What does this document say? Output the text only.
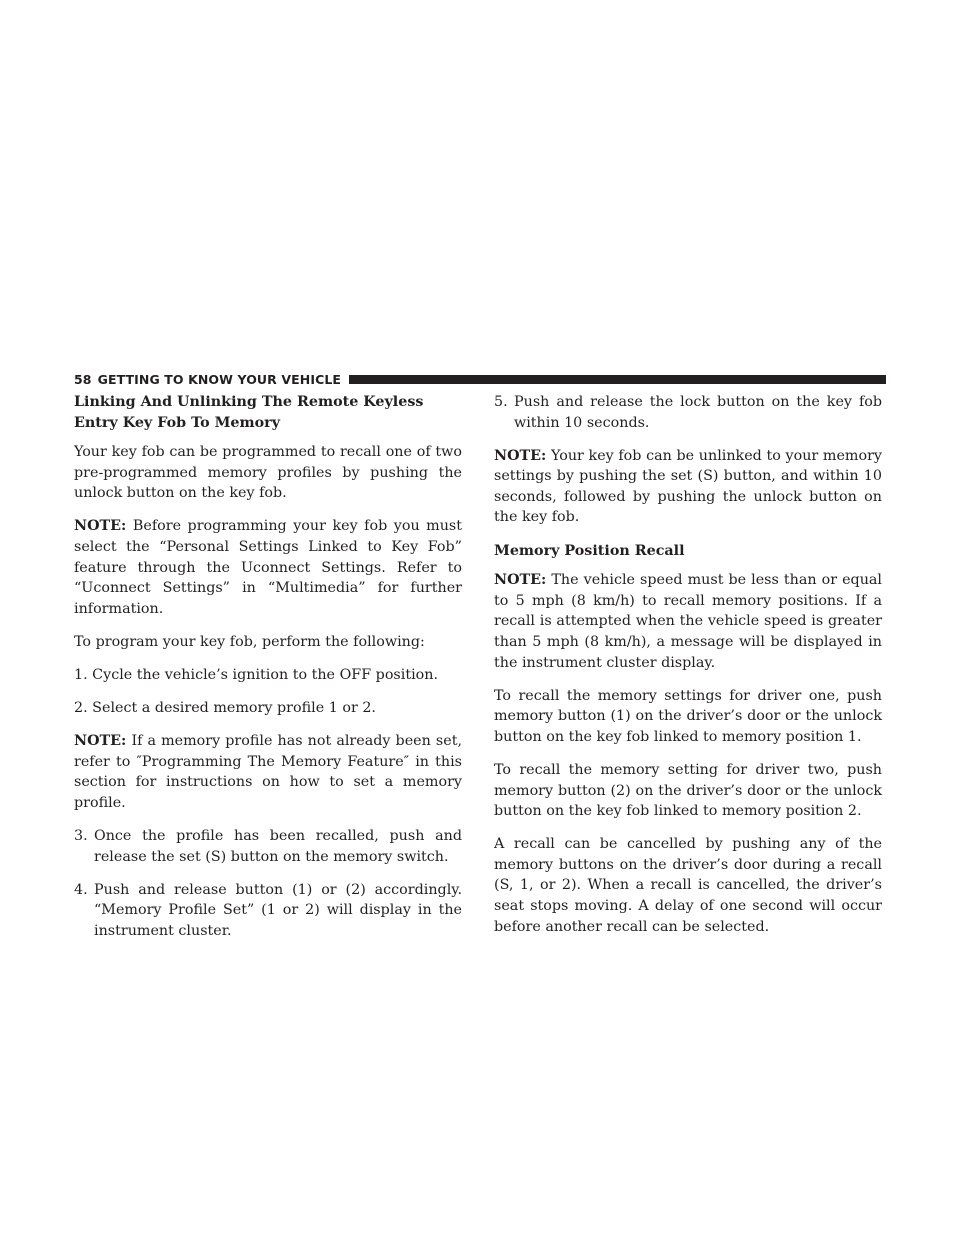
58 GETTING TO KNOW YOUR VEHICLE
Linking And Unlinking The Remote Keyless Entry Key Fob To Memory

Your key fob can be programmed to recall one of two pre-programmed memory profiles by pushing the unlock button on the key fob.

NOTE: Before programming your key fob you must select the “Personal Settings Linked to Key Fob” feature through the Uconnect Settings. Refer to “Uconnect Settings” in “Multimedia” for further information.

To program your key fob, perform the following:

1. Cycle the vehicle’s ignition to the OFF position.

2. Select a desired memory profile 1 or 2.

NOTE: If a memory profile has not already been set, refer to ″Programming The Memory Feature″ in this section for instructions on how to set a memory profile.

3. Once the profile has been recalled, push and release the set (S) button on the memory switch.

4. Push and release button (1) or (2) accordingly. “Memory Profile Set” (1 or 2) will display in the instrument cluster.

5. Push and release the lock button on the key fob within 10 seconds.

NOTE: Your key fob can be unlinked to your memory settings by pushing the set (S) button, and within 10 seconds, followed by pushing the unlock button on the key fob.

Memory Position Recall

NOTE: The vehicle speed must be less than or equal to 5 mph (8 km/h) to recall memory positions. If a recall is attempted when the vehicle speed is greater than 5 mph (8 km/h), a message will be displayed in the instrument cluster display.

To recall the memory settings for driver one, push memory button (1) on the driver’s door or the unlock button on the key fob linked to memory position 1.

To recall the memory setting for driver two, push memory button (2) on the driver’s door or the unlock button on the key fob linked to memory position 2.

A recall can be cancelled by pushing any of the memory buttons on the driver’s door during a recall (S, 1, or 2). When a recall is cancelled, the driver’s seat stops moving. A delay of one second will occur before another recall can be selected.
